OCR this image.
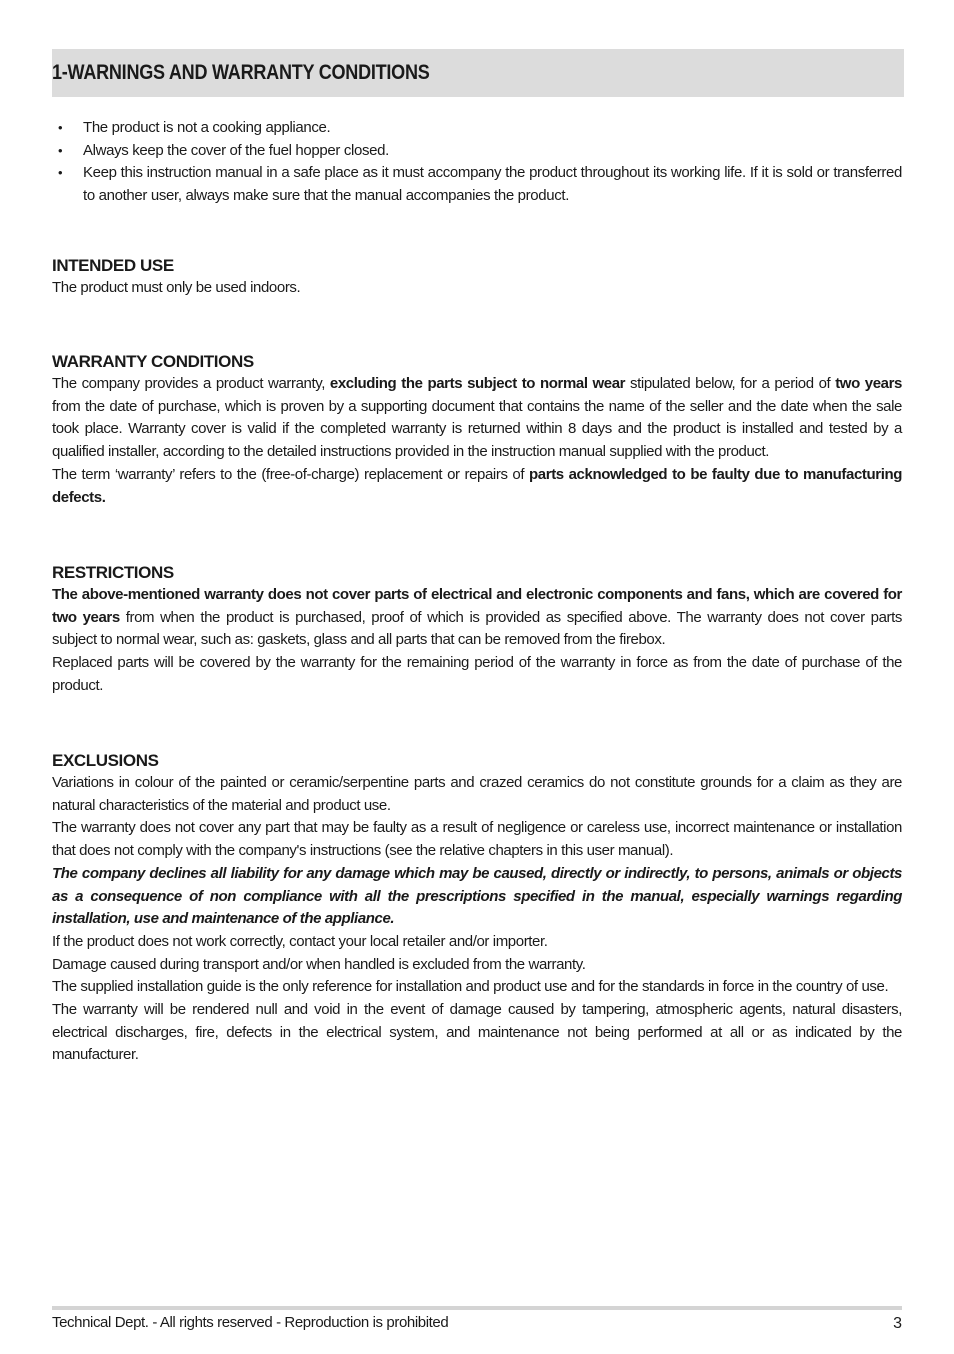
1-WARNINGS AND WARRANTY CONDITIONS
• The product is not a cooking appliance.
• Always keep the cover of the fuel hopper closed.
• Keep this instruction manual in a safe place as it must accompany the product throughout its working life. If it is sold or transferred to another user, always make sure that the manual accompanies the product.
INTENDED USE

The product must only be used indoors.

WARRANTY CONDITIONS

The company provides a product warranty, excluding the parts subject to normal wear stipulated below, for a period of two years from the date of purchase, which is proven by a supporting document that contains the name of the seller and the date when the sale took place. Warranty cover is valid if the completed warranty is returned within 8 days and the product is installed and tested by a qualified installer, according to the detailed instructions provided in the instruction manual supplied with the product.

The term ‘warranty’ refers to the (free-of-charge) replacement or repairs of parts acknowledged to be faulty due to manufacturing defects.

RESTRICTIONS

The above-mentioned warranty does not cover parts of electrical and electronic components and fans, which are covered for two years from when the product is purchased, proof of which is provided as specified above. The warranty does not cover parts subject to normal wear, such as: gaskets, glass and all parts that can be removed from the firebox.

Replaced parts will be covered by the warranty for the remaining period of the warranty in force as from the date of purchase of the product.

EXCLUSIONS

Variations in colour of the painted or ceramic/serpentine parts and crazed ceramics do not constitute grounds for a claim as they are natural characteristics of the material and product use.

The warranty does not cover any part that may be faulty as a result of negligence or careless use, incorrect maintenance or installation that does not comply with the company's instructions (see the relative chapters in this user manual).

The company declines all liability for any damage which may be caused, directly or indirectly, to persons, animals or objects as a consequence of non compliance with all the prescriptions specified in the manual, especially warnings regarding installation, use and maintenance of the appliance.

If the product does not work correctly, contact your local retailer and/or importer.

Damage caused during transport and/or when handled is excluded from the warranty.

The supplied installation guide is the only reference for installation and product use and for the standards in force in the country of use.

The warranty will be rendered null and void in the event of damage caused by tampering, atmospheric agents, natural disasters, electrical discharges, fire, defects in the electrical system, and maintenance not being performed at all or as indicated by the manufacturer.

Technical Dept. - All rights reserved - Reproduction is prohibited	3
